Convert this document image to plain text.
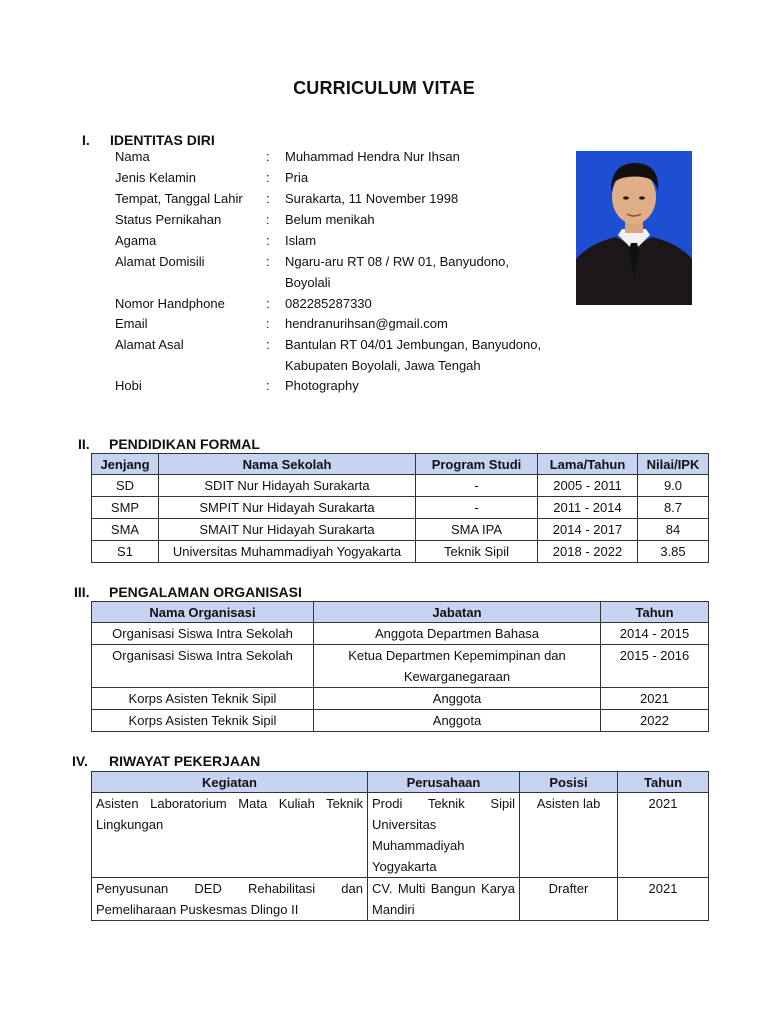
CURRICULUM VITAE
I. IDENTITAS DIRI
Nama	: Muhammad Hendra Nur Ihsan
Jenis Kelamin	: Pria
Tempat, Tanggal Lahir : Surakarta, 11 November 1998
Status Pernikahan	: Belum menikah
Agama	: Islam
Alamat Domisili	: Ngaru-aru RT 08 / RW 01, Banyudono,
Boyolali
Nomor Handphone	: 082285287330
Email	: hendranurihsan@gmail.com
Alamat Asal	: Bantulan RT 04/01 Jembungan, Banyudono,
Kabupaten Boyolali, Jawa Tengah
Hobi	: Photography
II. PENDIDIKAN FORMAL
Jenjang	Nama Sekolah	Program Studi	Lama/Tahun	Nilai/IPK
SD	SDIT Nur Hidayah Surakarta	-	2005 - 2011	9.0
SMP	SMPIT Nur Hidayah Surakarta	-	2011 - 2014	8.7
SMA	SMAIT Nur Hidayah Surakarta	SMA IPA	2014 - 2017	84
S1	Universitas Muhammadiyah Yogyakarta	Teknik Sipil	2018 - 2022	3.85
III. PENGALAMAN ORGANISASI
Nama Organisasi	Jabatan	Tahun
Organisasi Siswa Intra Sekolah	Anggota Departmen Bahasa	2014 - 2015
Organisasi Siswa Intra Sekolah	Ketua Departmen Kepemimpinan dan Kewarganegaraan	2015 - 2016
Korps Asisten Teknik Sipil	Anggota	2021
Korps Asisten Teknik Sipil	Anggota	2022
IV. RIWAYAT PEKERJAAN
Kegiatan	Perusahaan	Posisi	Tahun
Asisten Laboratorium Mata Kuliah Teknik Lingkungan	Prodi Teknik Sipil Universitas Muhammadiyah Yogyakarta	Asisten lab	2021
Penyusunan DED Rehabilitasi dan Pemeliharaan Puskesmas Dlingo II	CV. Multi Bangun Karya Mandiri	Drafter	2021
